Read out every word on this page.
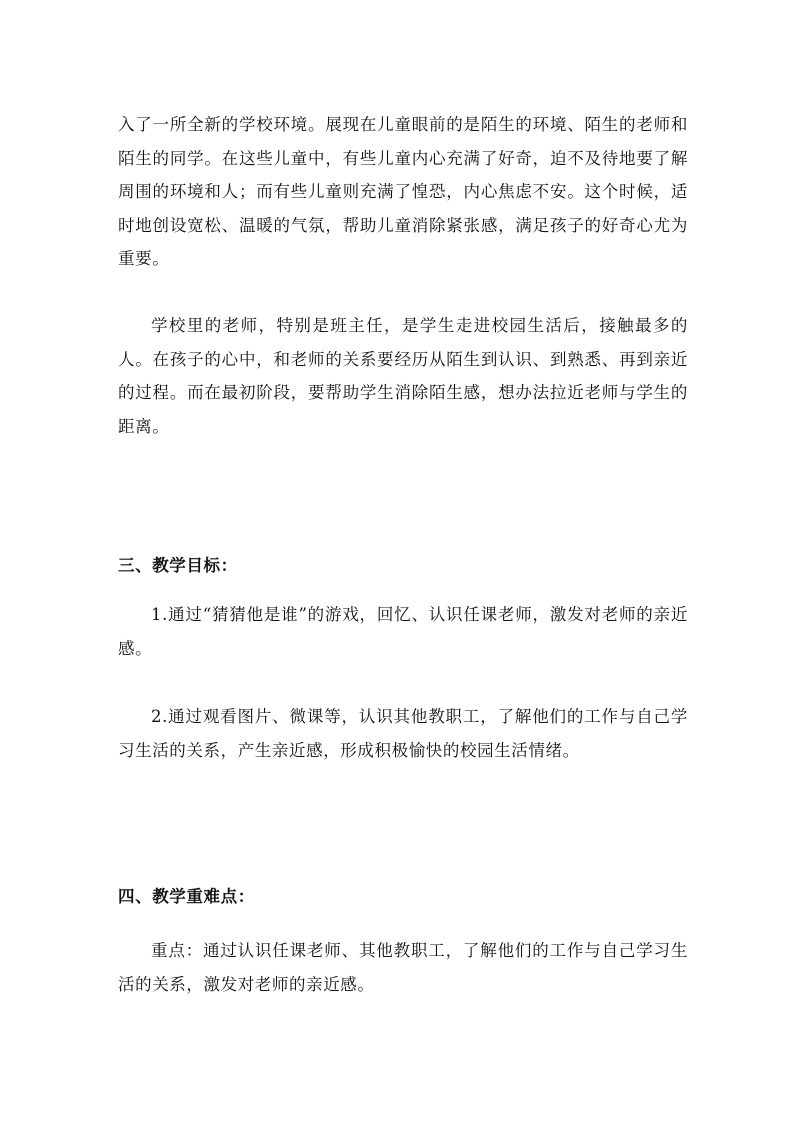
入了一所全新的学校环境。展现在儿童眼前的是陌生的环境、陌生的老师和陌生的同学。在这些儿童中，有些儿童内心充满了好奇，迫不及待地要了解周围的环境和人；而有些儿童则充满了惶恐，内心焦虑不安。这个时候，适时地创设宽松、温暖的气氛，帮助儿童消除紧张感，满足孩子的好奇心尤为重要。

学校里的老师，特别是班主任，是学生走进校园生活后，接触最多的人。在孩子的心中，和老师的关系要经历从陌生到认识、到熟悉、再到亲近的过程。而在最初阶段，要帮助学生消除陌生感，想办法拉近老师与学生的距离。

三、教学目标：

1.通过“猜猜他是谁”的游戏，回忆、认识任课老师，激发对老师的亲近感。

2.通过观看图片、微课等，认识其他教职工，了解他们的工作与自己学习生活的关系，产生亲近感，形成积极愉快的校园生活情绪。

四、教学重难点：

重点：通过认识任课老师、其他教职工，了解他们的工作与自己学习生活的关系，激发对老师的亲近感。
